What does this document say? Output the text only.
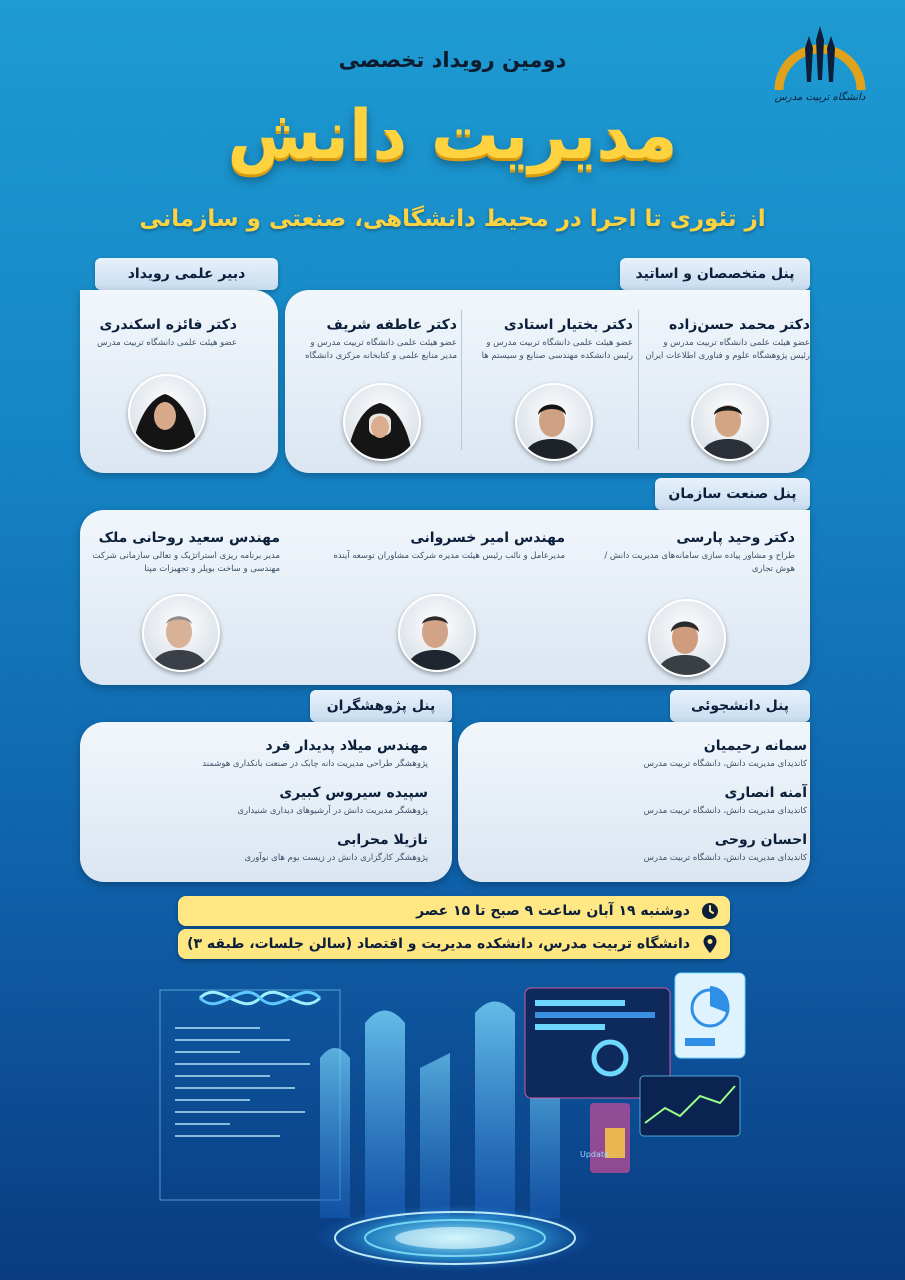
دانشگاه تربیت مدرس
دومین رویداد تخصصی
مدیریت دانش
از تئوری تا اجرا در محیط دانشگاهی، صنعتی و سازمانی
دبیر علمی رویداد
دکتر فائزه اسکندری
عضو هیئت علمی دانشگاه تربیت مدرس
پنل متخصصان و اساتید
دکتر محمد حسن‌زاده
عضو هیئت علمی دانشگاه تربیت مدرس و رئیس پژوهشگاه علوم و فناوری اطلاعات ایران
دکتر بختیار استادی
عضو هیئت علمی دانشگاه تربیت مدرس و رئیس دانشکده مهندسی صنایع و سیستم ها
دکتر عاطفه شریف
عضو هیئت علمی دانشگاه تربیت مدرس و مدیر منابع علمی و کتابخانه مرکزی دانشگاه
پنل صنعت سازمان
دکتر وحید پارسی
طراح و مشاور پیاده سازی سامانه‌های مدیریت دانش / هوش تجاری
مهندس امیر خسروانی
مدیرعامل و نائب رئیس هیئت مدیره شرکت مشاوران توسعه آینده
مهندس سعید روحانی ملک
مدیر برنامه ریزی استراتژیک و تعالی سازمانی شرکت مهندسی و ساخت بویلر و تجهیزات مپنا
پنل پژوهشگران
مهندس میلاد پدیدار فرد
پژوهشگر طراحی مدیریت دانه چابک در صنعت بانکداری هوشمند
سپیده سیروس کبیری
پژوهشگر مدیریت دانش در آرشیوهای دیداری شنیداری
نازیلا محرابی
پژوهشگر کارگزاری دانش در زیست بوم های نوآوری
پنل دانشجوئی
سمانه رحیمیان
کاندیدای مدیریت دانش، دانشگاه تربیت مدرس
آمنه انصاری
کاندیدای مدیریت دانش، دانشگاه تربیت مدرس
احسان روحی
کاندیدای مدیریت دانش، دانشگاه تربیت مدرس
دوشنبه ۱۹ آبان ساعت ۹ صبح تا ۱۵ عصر
دانشگاه تربیت مدرس، دانشکده مدیریت و اقتصاد (سالن جلسات، طبقه ۳)
Update
